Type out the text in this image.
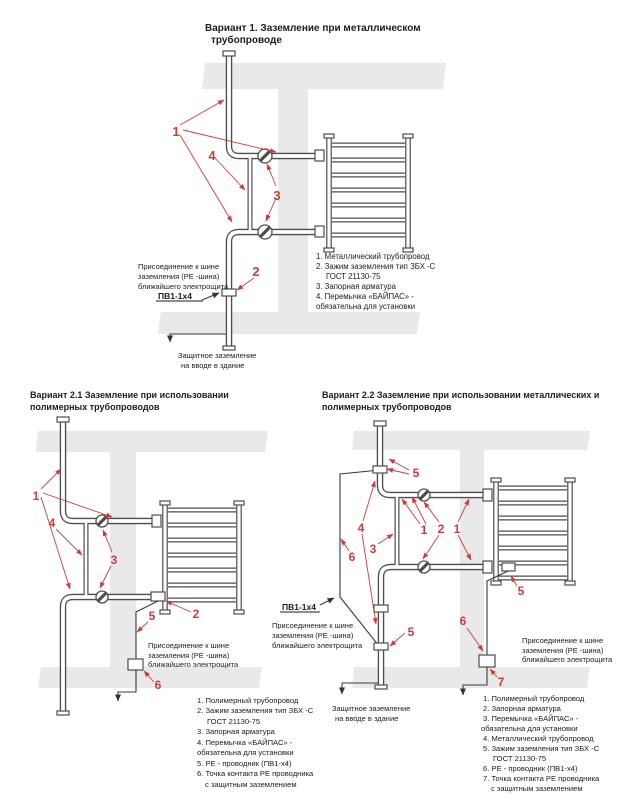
Вариант 1. Заземление при металлическом
трубопроводе
1
4
3
2
Присоединение к шине
заземления (PE -шина)
ближайшего электрощита
ПВ1-1x4
Защитное заземление
на вводе в здание
1. Металлический трубопровод
2. Зажим заземления тип ЗБХ -С
ГОСТ 21130-75
3. Запорная арматура
4. Перемычка «БАЙПАС» -
обязательна для установки
Вариант 2.1 Заземление при использовании
полимерных трубопроводов
1
4
3
2
5
6
Присоединение к шине
заземления (PE -шина)
ближайшего электрощита
1. Полимерный трубопровод
2. Зажим заземления тип ЗБХ -С
ГОСТ 21130-75
3. Запорная арматура
4. Перемычка «БАЙПАС» -
обязательна для установки
5. PE - проводник (ПВ1-х4)
6. Точка контакта PE проводника
с защитным заземлением
Вариант 2.2 Заземление при использовании металлических и
полимерных трубопроводов
5
4
3
1 2 1
5
5
6
6
7
ПВ1-1x4
Присоединение к шине
заземления (PE -шина)
ближайшего электрощита
Присоединение к шине
заземления (PE -шина)
ближайшего электрощита
Защитное заземление
на вводе в здание
1. Полимерный трубопровод
2. Запорная арматура
3. Перемычка «БАЙПАС» -
обязательна для установки
4. Металлический трубопровод
5. Зажим заземления тип ЗБХ -С
ГОСТ 21130-75
6. PE - проводник (ПВ1-х4)
7. Точка контакта PE проводника
с защитным заземлением
